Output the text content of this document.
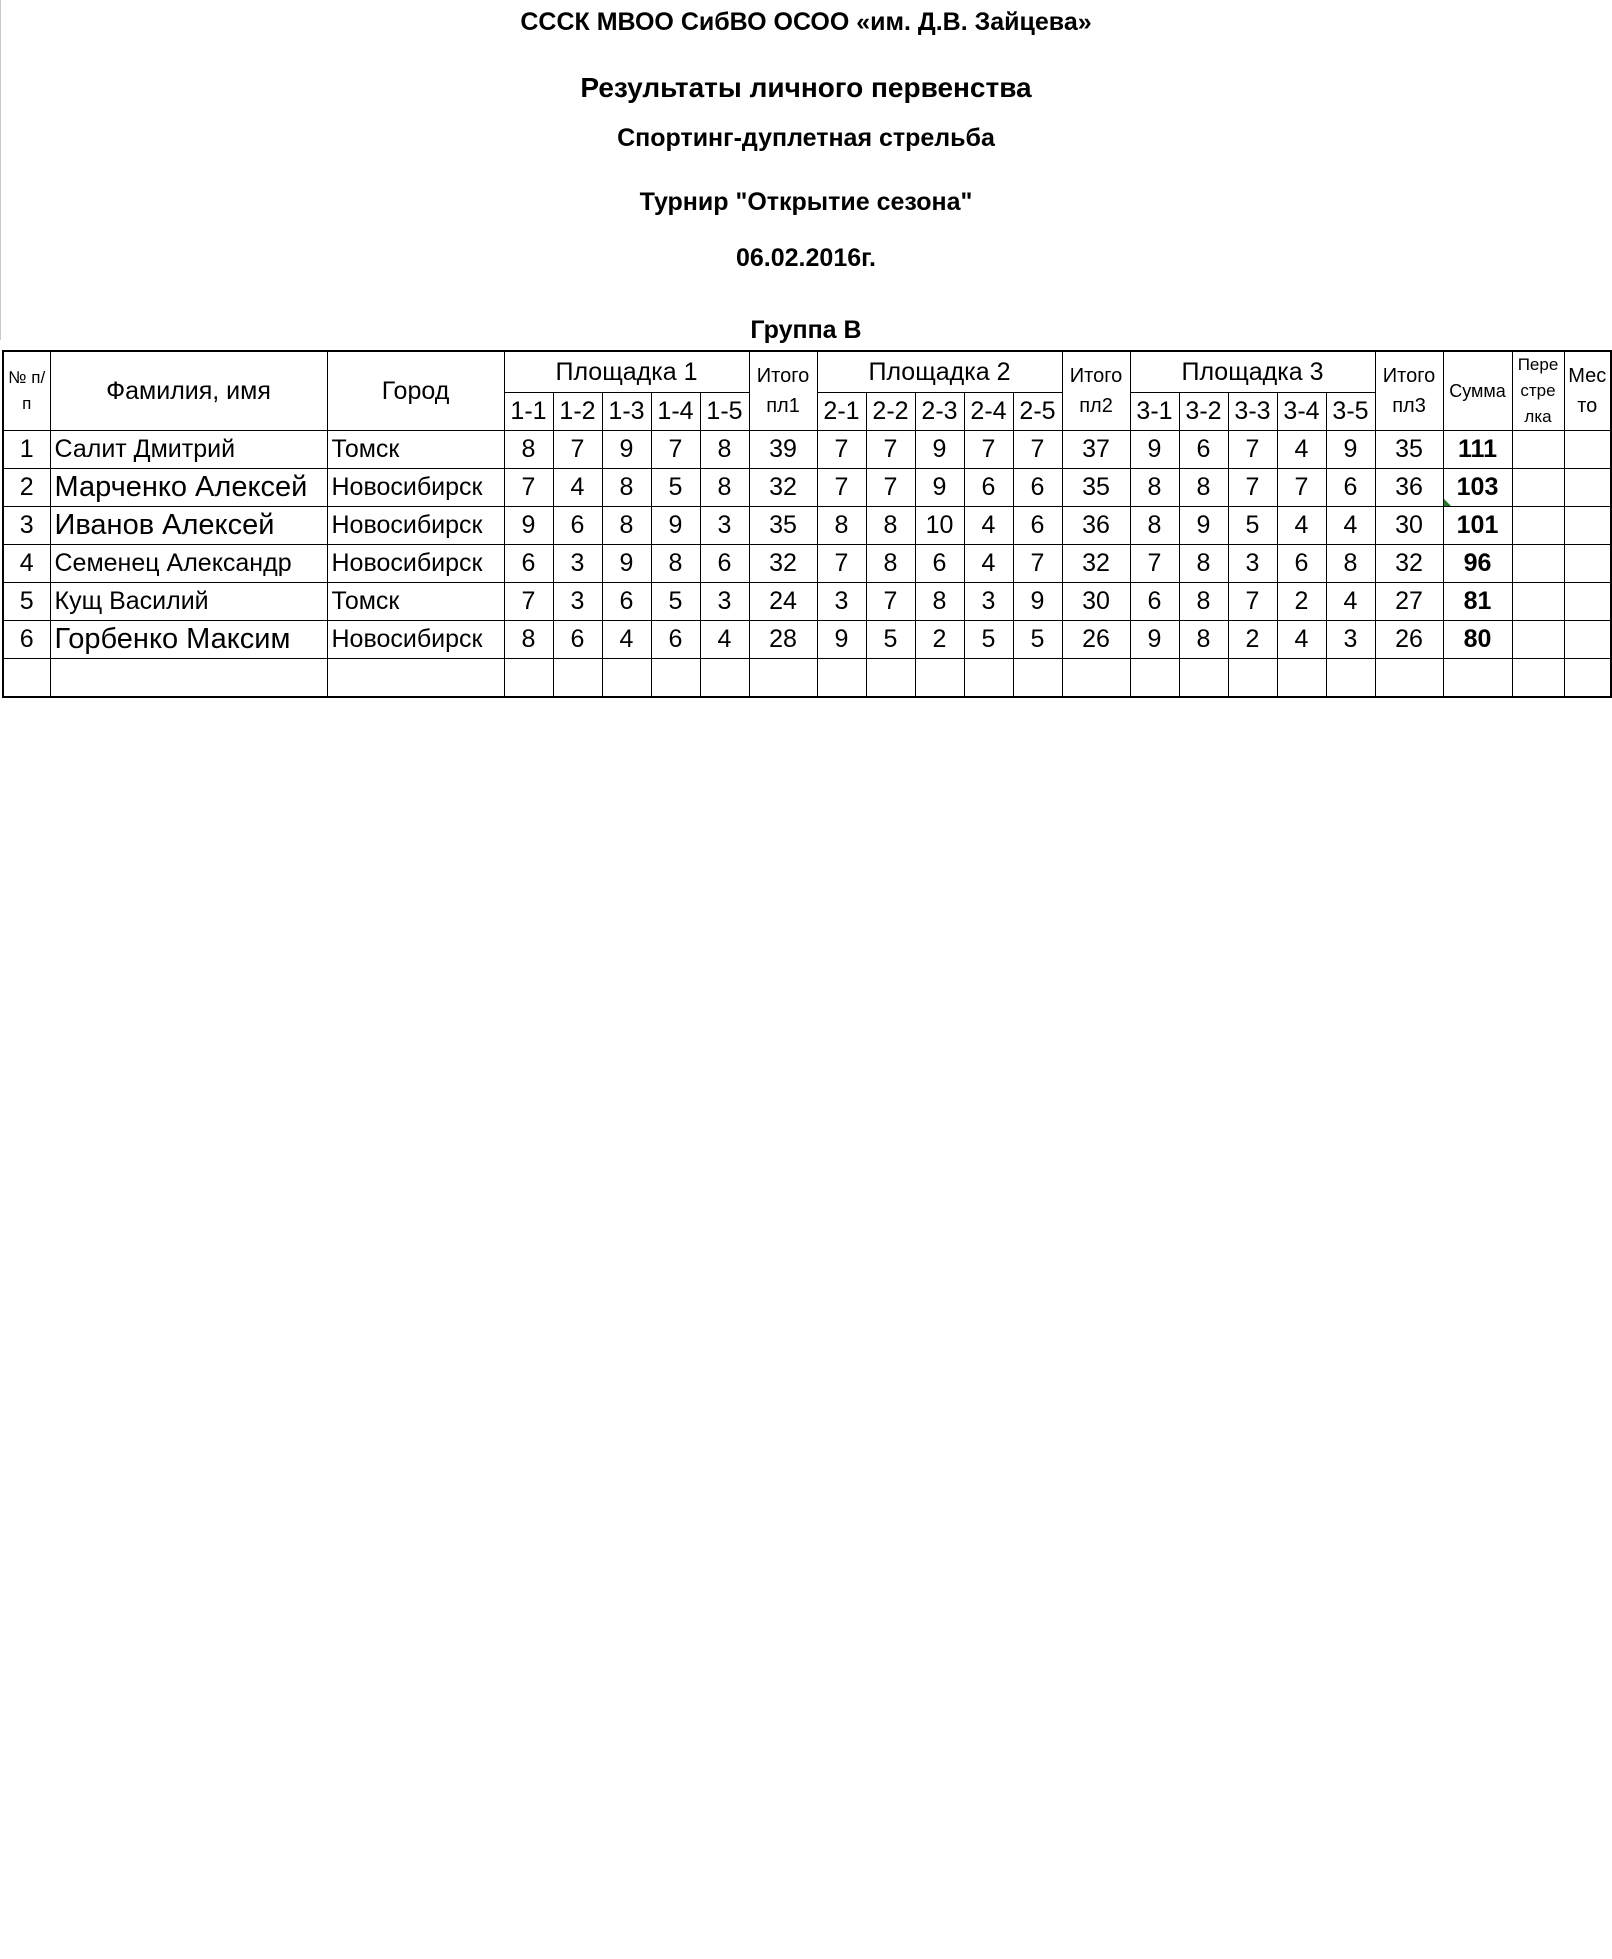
СССК МВОО СибВО ОСОО «им. Д.В. Зайцева»
Результаты личного первенства
Спортинг-дуплетная стрельба
Турнир "Открытие сезона"
06.02.2016г.
Группа В
№ п/п	Фамилия, имя	Город	Площадка 1					Итого пл1	Площадка 2					Итого пл2	Площадка 3					Итого пл3	Сумма	Пере стре лка	Мес то
			1-1	1-2	1-3	1-4	1-5		2-1	2-2	2-3	2-4	2-5		3-1	3-2	3-3	3-4	3-5				
1	Салит Дмитрий	Томск	8	7	9	7	8	39	7	7	9	7	7	37	9	6	7	4	9	35	111		
2	Марченко Алексей	Новосибирск	7	4	8	5	8	32	7	7	9	6	6	35	8	8	7	7	6	36	103

3	Иванов Алексей	Новосибирск	9	6	8	9	3	35	8	8	10	4	6	36	8	9	5	4	4	30	101		
4	Семенец Александр	Новосибирск	6	3	9	8	6	32	7	8	6	4	7	32	7	8	3	6	8	32	96		
5	Кущ Василий	Томск	7	3	6	5	3	24	3	7	8	3	9	30	6	8	7	2	4	27	81		
6	Горбенко Максим	Новосибирск	8	6	4	6	4	28	9	5	2	5	5	26	9	8	2	4	3	26	80		
